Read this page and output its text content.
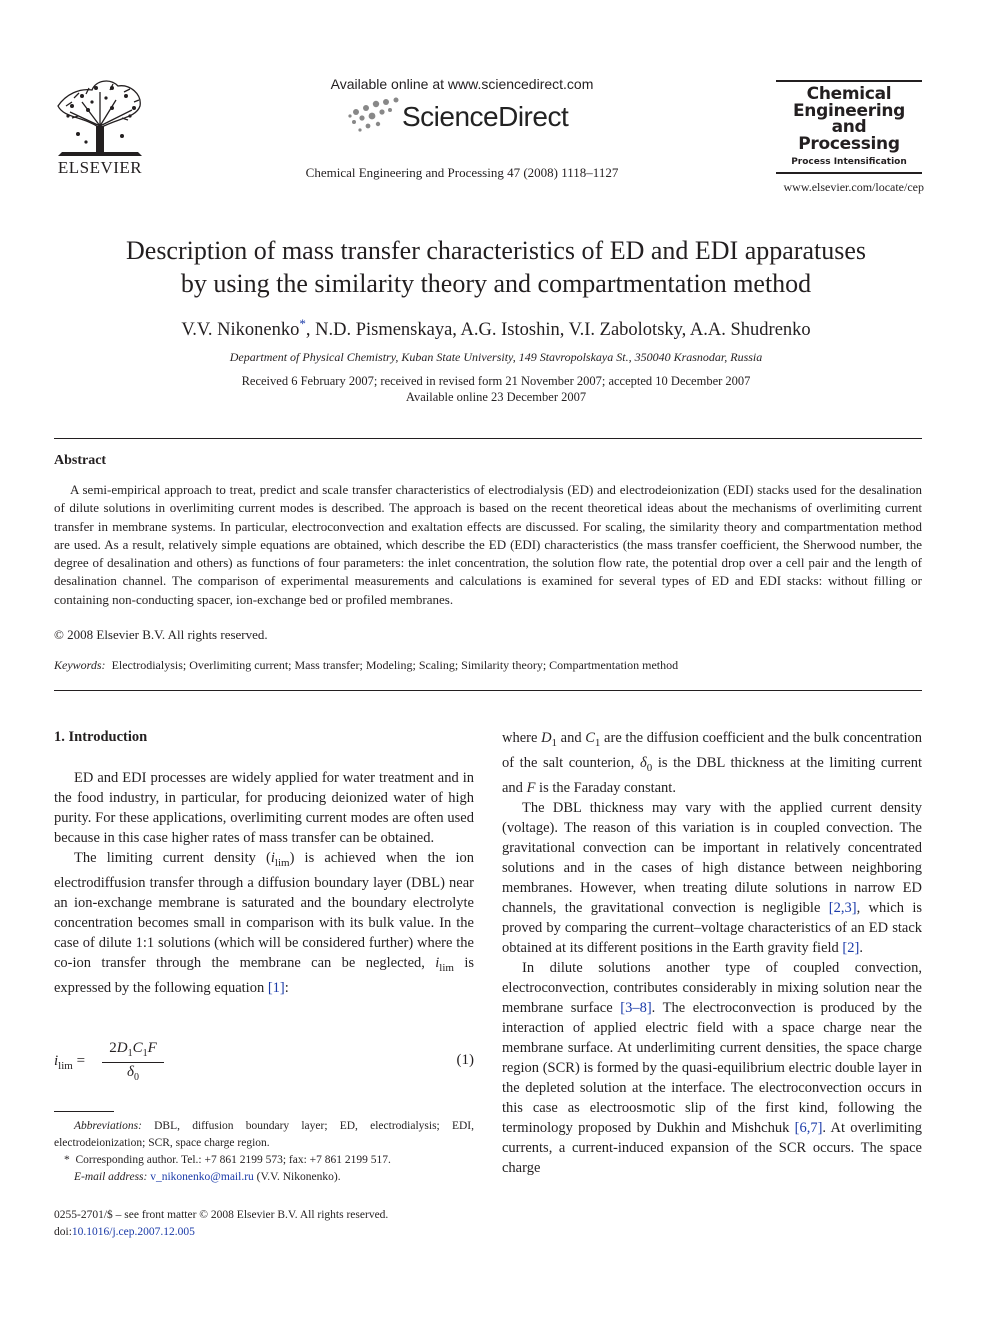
ELSEVIER
Available online at www.sciencedirect.com
ScienceDirect
Chemical Engineering and Processing 47 (2008) 1118–1127
Chemical
Engineering
and
Processing
Process Intensification
www.elsevier.com/locate/cep
Description of mass transfer characteristics of ED and EDI apparatuses
by using the similarity theory and compartmentation method
V.V. Nikonenko*, N.D. Pismenskaya, A.G. Istoshin, V.I. Zabolotsky, A.A. Shudrenko
Department of Physical Chemistry, Kuban State University, 149 Stavropolskaya St., 350040 Krasnodar, Russia
Received 6 February 2007; received in revised form 21 November 2007; accepted 10 December 2007
Available online 23 December 2007
Abstract
A semi-empirical approach to treat, predict and scale transfer characteristics of electrodialysis (ED) and electrodeionization (EDI) stacks used for the desalination of dilute solutions in overlimiting current modes is described. The approach is based on the recent theoretical ideas about the mechanisms of overlimiting current transfer in membrane systems. In particular, electroconvection and exaltation effects are discussed. For scaling, the similarity theory and compartmentation method are used. As a result, relatively simple equations are obtained, which describe the ED (EDI) characteristics (the mass transfer coefficient, the Sherwood number, the degree of desalination and others) as functions of four parameters: the inlet concentration, the solution flow rate, the potential drop over a cell pair and the length of desalination channel. The comparison of experimental measurements and calculations is examined for several types of ED and EDI stacks: without filling or containing non-conducting spacer, ion-exchange bed or profiled membranes.
© 2008 Elsevier B.V. All rights reserved.
Keywords: Electrodialysis; Overlimiting current; Mass transfer; Modeling; Scaling; Similarity theory; Compartmentation method
1. Introduction

ED and EDI processes are widely applied for water treatment and in the food industry, in particular, for producing deionized water of high purity. For these applications, overlimiting current modes are often used because in this case higher rates of mass transfer can be obtained.

The limiting current density $(i_{lim})$ is achieved when the ion electrodiffusion transfer through a diffusion boundary layer (DBL) near an ion-exchange membrane is saturated and the boundary electrolyte concentration becomes small in comparison with its bulk value. In the case of dilute 1:1 solutions (which will be considered further) where the co-ion transfer through the membrane can be neglected, $i_{lim}$ is expressed by the following equation [1]:

$i_{lim}$ =
$2D_1C_1F$
$\delta_0$
(1)
Abbreviations: DBL, diffusion boundary layer; ED, electrodialysis; EDI, electrodeionization; SCR, space charge region.
* Corresponding author. Tel.: +7 861 2199 573; fax: +7 861 2199 517.
E-mail address: v_nikonenko@mail.ru (V.V. Nikonenko).
0255-2701/$ – see front matter © 2008 Elsevier B.V. All rights reserved.
doi:10.1016/j.cep.2007.12.005

where $D_1$ and $C_1$ are the diffusion coefficient and the bulk concentration of the salt counterion, $\delta_0$ is the DBL thickness at the limiting current and F is the Faraday constant.

The DBL thickness may vary with the applied current density (voltage). The reason of this variation is in coupled convection. The gravitational convection can be important in relatively concentrated solutions and in the cases of high distance between neighboring membranes. However, when treating dilute solutions in narrow ED channels, the gravitational convection is negligible [2,3], which is proved by comparing the current–voltage characteristics of an ED stack obtained at its different positions in the Earth gravity field [2].

In dilute solutions another type of coupled convection, electroconvection, contributes considerably in mixing solution near the membrane surface [3–8]. The electroconvection is produced by the interaction of applied electric field with a space charge near the membrane surface. At underlimiting current densities, the space charge region (SCR) is formed by the quasi-equilibrium electric double layer in the depleted solution at the interface. The electroconvection occurs in this case as electroosmotic slip of the first kind, following the terminology proposed by Dukhin and Mishchuk [6,7]. At overlimiting currents, a current-induced expansion of the SCR occurs. The space charge
